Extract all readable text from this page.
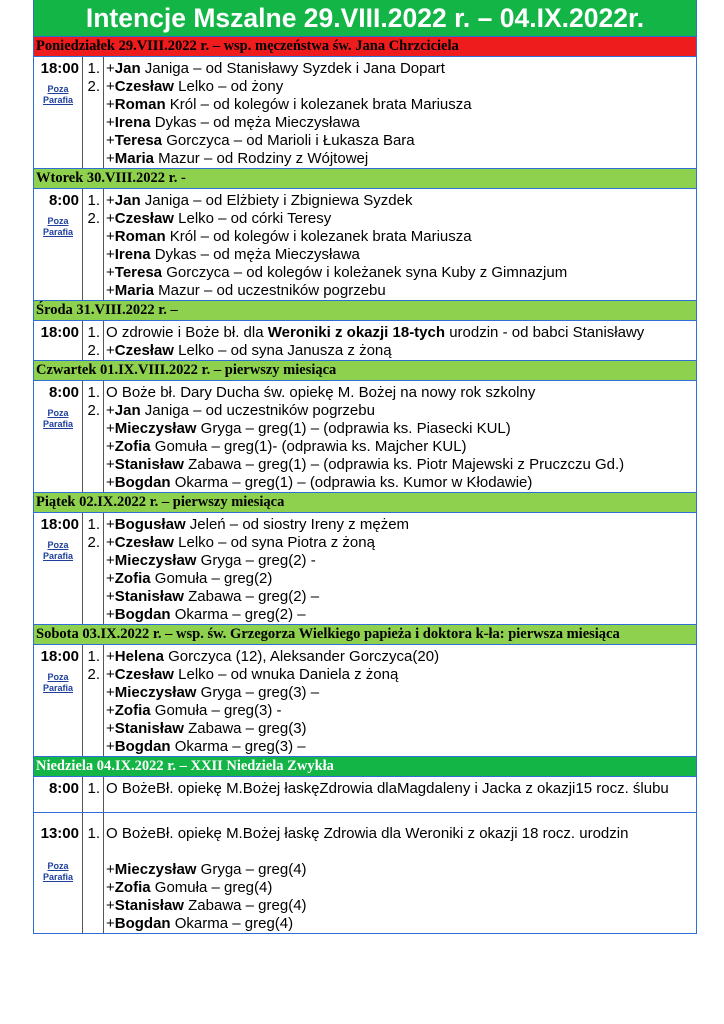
Intencje Mszalne 29.VIII.2022 r. – 04.IX.2022r.
Poniedziałek 29.VIII.2022 r. – wsp. męczeństwa św. Jana Chrzciciela
18:00
Poza
Parafia
1.
2.
+Jan Janiga – od Stanisławy Syzdek i Jana Dopart
+Czesław Lelko – od żony
+Roman Król – od kolegów i kolezanek brata Mariusza
+Irena Dykas – od męża Mieczysława
+Teresa Gorczyca – od Marioli i Łukasza Bara
+Maria Mazur – od Rodziny z Wójtowej
Wtorek 30.VIII.2022 r. -
8:00
Poza
Parafia
1.
2.
+Jan Janiga – od Elżbiety i Zbigniewa Syzdek
+Czesław Lelko – od córki Teresy
+Roman Król – od kolegów i kolezanek brata Mariusza
+Irena Dykas – od męża Mieczysława
+Teresa Gorczyca – od kolegów i koleżanek syna Kuby z Gimnazjum
+Maria Mazur – od uczestników pogrzebu
Środa 31.VIII.2022 r. –
18:00 1.
2.
O zdrowie i Boże bł. dla Weroniki z okazji 18-tych urodzin - od babci Stanisławy
+Czesław Lelko – od syna Janusza z żoną
Czwartek 01.IX.VIII.2022 r. – pierwszy miesiąca
8:00
Poza
Parafia
1.
2.
O Boże bł. Dary Ducha św. opiekę M. Bożej na nowy rok szkolny
+Jan Janiga – od uczestników pogrzebu
+Mieczysław Gryga – greg(1) – (odprawia ks. Piasecki KUL)
+Zofia Gomuła – greg(1)- (odprawia ks. Majcher KUL)
+Stanisław Zabawa – greg(1) – (odprawia ks. Piotr Majewski z Pruczczu Gd.)
+Bogdan Okarma – greg(1) – (odprawia ks. Kumor w Kłodawie)
Piątek 02.IX.2022 r. – pierwszy miesiąca
18:00
Poza
Parafia
1.
2.
+Bogusław Jeleń – od siostry Ireny z mężem
+Czesław Lelko – od syna Piotra z żoną
+Mieczysław Gryga – greg(2) -
+Zofia Gomuła – greg(2)
+Stanisław Zabawa – greg(2) –
+Bogdan Okarma – greg(2) –
Sobota 03.IX.2022 r. – wsp. św. Grzegorza Wielkiego papieża i doktora k-ła: pierwsza miesiąca
18:00
Poza
Parafia
1.
2.
+Helena Gorczyca (12), Aleksander Gorczyca(20)
+Czesław Lelko – od wnuka Daniela z żoną
+Mieczysław Gryga – greg(3) –
+Zofia Gomuła – greg(3) -
+Stanisław Zabawa – greg(3)
+Bogdan Okarma – greg(3) –
Niedziela 04.IX.2022 r. – XXII Niedziela Zwykła
8:00 1. O BożeBł. opiekę M.Bożej łaskęZdrowia dlaMagdaleny i Jacka z okazji15 rocz. ślubu
13:00
Poza
Parafia
1. O BożeBł. opiekę M.Bożej łaskę Zdrowia dla Weroniki z okazji 18 rocz. urodzin
+Mieczysław Gryga – greg(4)
+Zofia Gomuła – greg(4)
+Stanisław Zabawa – greg(4)
+Bogdan Okarma – greg(4)
